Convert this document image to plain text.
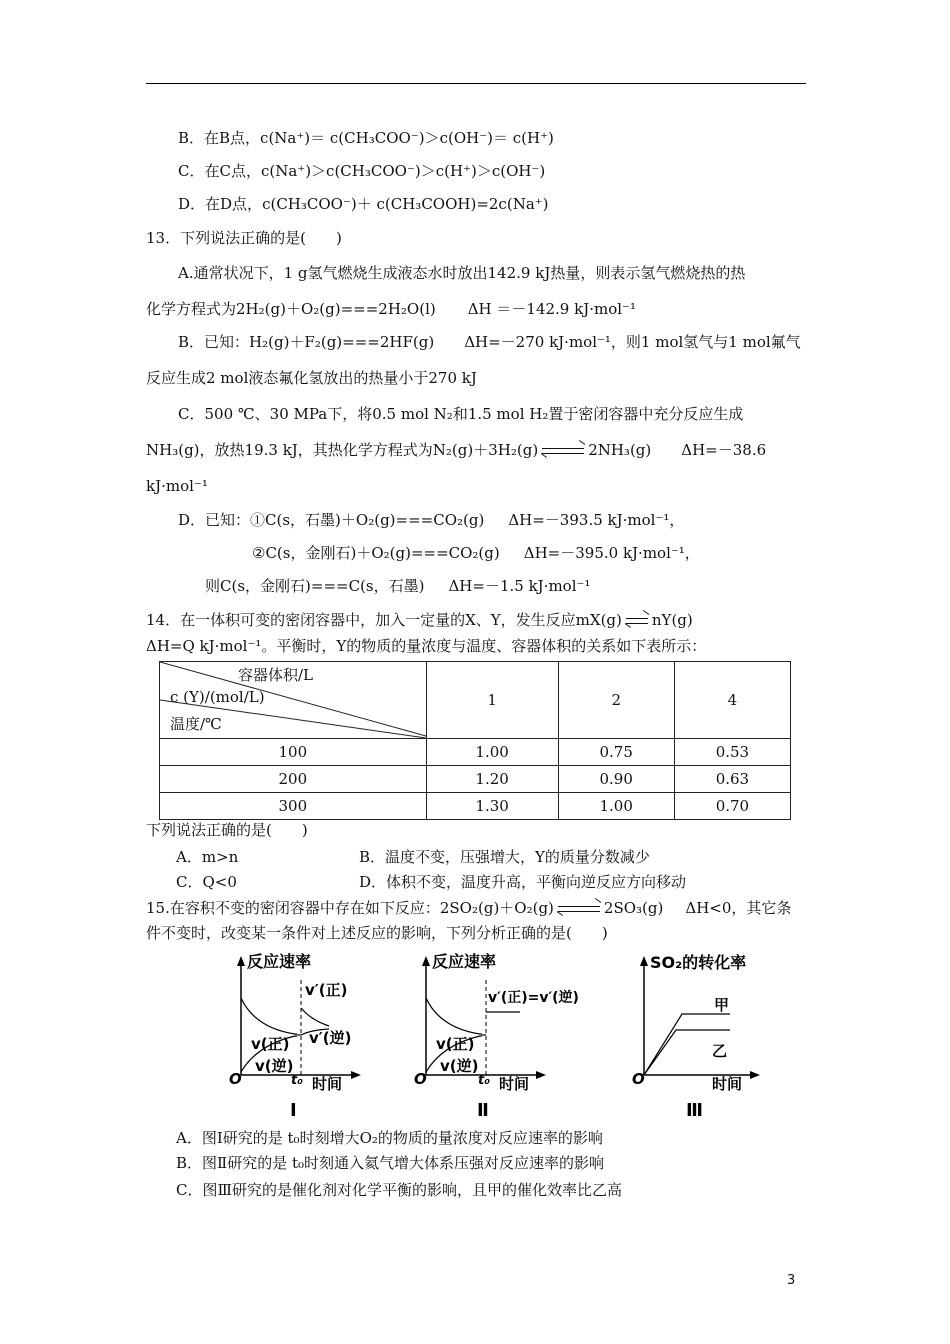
B．在B点，c(Na⁺)＝ c(CH₃COO⁻)＞c(OH⁻)＝ c(H⁺)
C．在C点，c(Na⁺)＞c(CH₃COO⁻)＞c(H⁺)＞c(OH⁻)
D．在D点，c(CH₃COO⁻)＋ c(CH₃COOH)=2c(Na⁺)
13．下列说法正确的是(　　)
A.通常状况下，1 g氢气燃烧生成液态水时放出142.9 kJ热量，则表示氢气燃烧热的热
化学方程式为2H₂(g)＋O₂(g)===2H₂O(l) ΔH ＝－142.9 kJ·mol⁻¹
B．已知：H₂(g)＋F₂(g)===2HF(g) ΔH=－270 kJ·mol⁻¹，则1 mol氢气与1 mol氟气
反应生成2 mol液态氟化氢放出的热量小于270 kJ
C．500 ℃、30 MPa下，将0.5 mol N₂和1.5 mol H₂置于密闭容器中充分反应生成
NH₃(g)，放热19.3 kJ，其热化学方程式为N₂(g)＋3H₂(g)	2NH₃(g) ΔH=－38.6
kJ·mol⁻¹
D．已知：①C(s，石墨)＋O₂(g)===CO₂(g) ΔH=－393.5 kJ·mol⁻¹，
②C(s，金刚石)＋O₂(g)===CO₂(g) ΔH=－395.0 kJ·mol⁻¹，
则C(s，金刚石)===C(s，石墨) ΔH=－1.5 kJ·mol⁻¹
14．在一体积可变的密闭容器中，加入一定量的X、Y，发生反应mX(g) nY(g)
ΔH=Q kJ·mol⁻¹。平衡时，Y的物质的量浓度与温度、容器体积的关系如下表所示：
容器体积/L
c (Y)/(mol/L)
温度/℃	1	2	4
100	1.00	0.75	0.53
200	1.20	0.90	0.63
300	1.30	1.00	0.70
下列说法正确的是(　　)
A．m>n	B．温度不变，压强增大，Y的质量分数减少
C．Q<0	D．体积不变，温度升高，平衡向逆反应方向移动
15.在容积不变的密闭容器中存在如下反应：2SO₂(g)＋O₂(g)	2SO₃(g) ΔH<0，其它条
件不变时，改变某一条件对上述反应的影响，下列分析正确的是(　　)
反应速率
v(正)
v(逆)
v′(正)
v′(逆)
O	t₀ 时间
Ⅰ
反应速率
v(正)
v(逆)
v′(正)=v′(逆)
O	t₀ 时间
Ⅱ
SO₂的转化率
甲
乙
O	时间
Ⅲ
A．图Ⅰ研究的是 t₀时刻增大O₂的物质的量浓度对反应速率的影响
B．图Ⅱ研究的是 t₀时刻通入氦气增大体系压强对反应速率的影响
C．图Ⅲ研究的是催化剂对化学平衡的影响，且甲的催化效率比乙高
3
